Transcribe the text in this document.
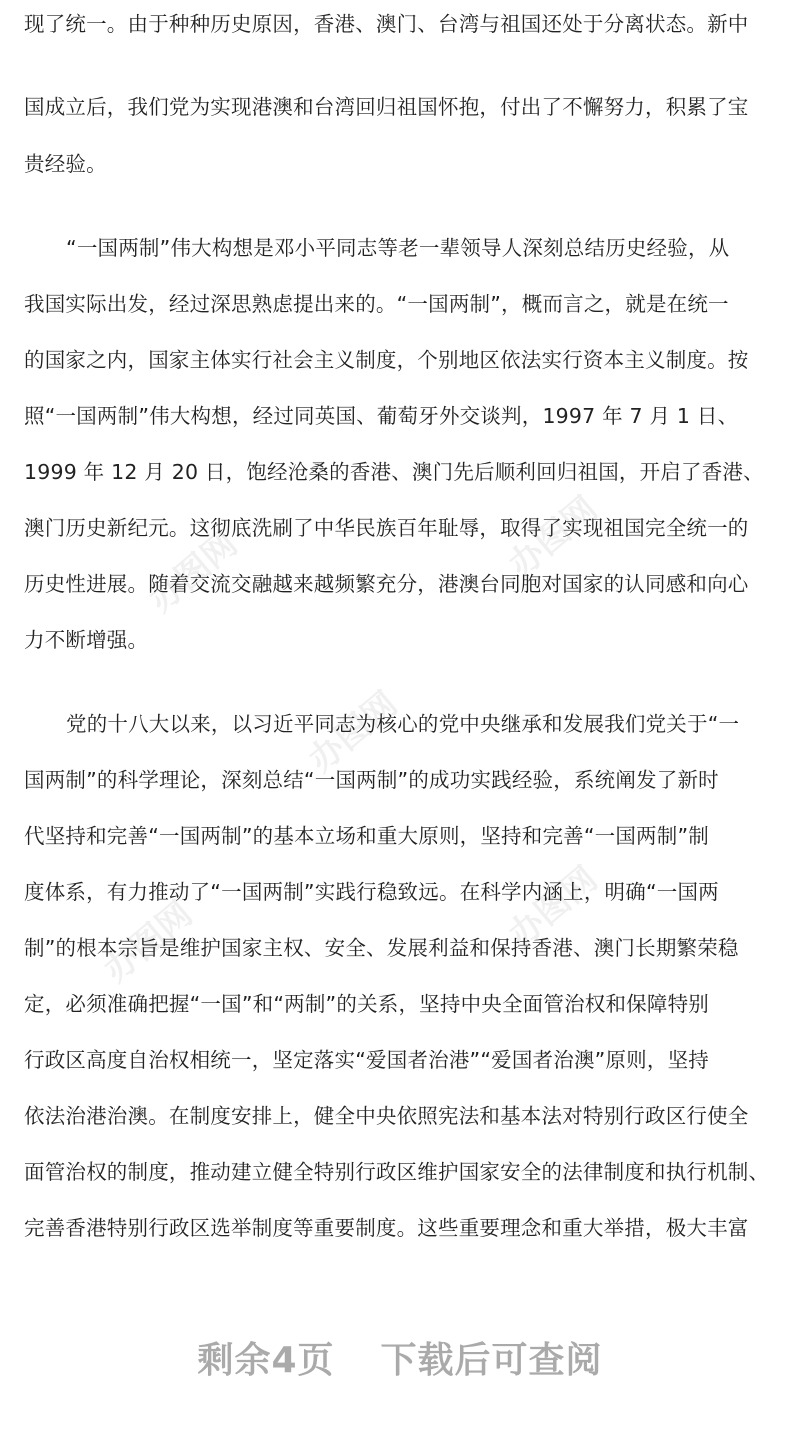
办图网	办图网
办图网
办图网	办图网
现了统一。由于种种历史原因，香港、澳门、台湾与祖国还处于分离状态。新中
国成立后，我们党为实现港澳和台湾回归祖国怀抱，付出了不懈努力，积累了宝
贵经验。
“一国两制”伟大构想是邓小平同志等老一辈领导人深刻总结历史经验，从
我国实际出发，经过深思熟虑提出来的。“一国两制”，概而言之，就是在统一
的国家之内，国家主体实行社会主义制度，个别地区依法实行资本主义制度。按
照“一国两制”伟大构想，经过同英国、葡萄牙外交谈判，1997 年 7 月 1 日、
1999 年 12 月 20 日，饱经沧桑的香港、澳门先后顺利回归祖国，开启了香港、
澳门历史新纪元。这彻底洗刷了中华民族百年耻辱，取得了实现祖国完全统一的
历史性进展。随着交流交融越来越频繁充分，港澳台同胞对国家的认同感和向心
力不断增强。
党的十八大以来，以习近平同志为核心的党中央继承和发展我们党关于“一
国两制”的科学理论，深刻总结“一国两制”的成功实践经验，系统阐发了新时
代坚持和完善“一国两制”的基本立场和重大原则，坚持和完善“一国两制”制
度体系，有力推动了“一国两制”实践行稳致远。在科学内涵上，明确“一国两
制”的根本宗旨是维护国家主权、安全、发展利益和保持香港、澳门长期繁荣稳
定，必须准确把握“一国”和“两制”的关系，坚持中央全面管治权和保障特别
行政区高度自治权相统一，坚定落实“爱国者治港”“爱国者治澳”原则，坚持
依法治港治澳。在制度安排上，健全中央依照宪法和基本法对特别行政区行使全
面管治权的制度，推动建立健全特别行政区维护国家安全的法律制度和执行机制、
完善香港特别行政区选举制度等重要制度。这些重要理念和重大举措，极大丰富
剩余4页 下载后可查阅
